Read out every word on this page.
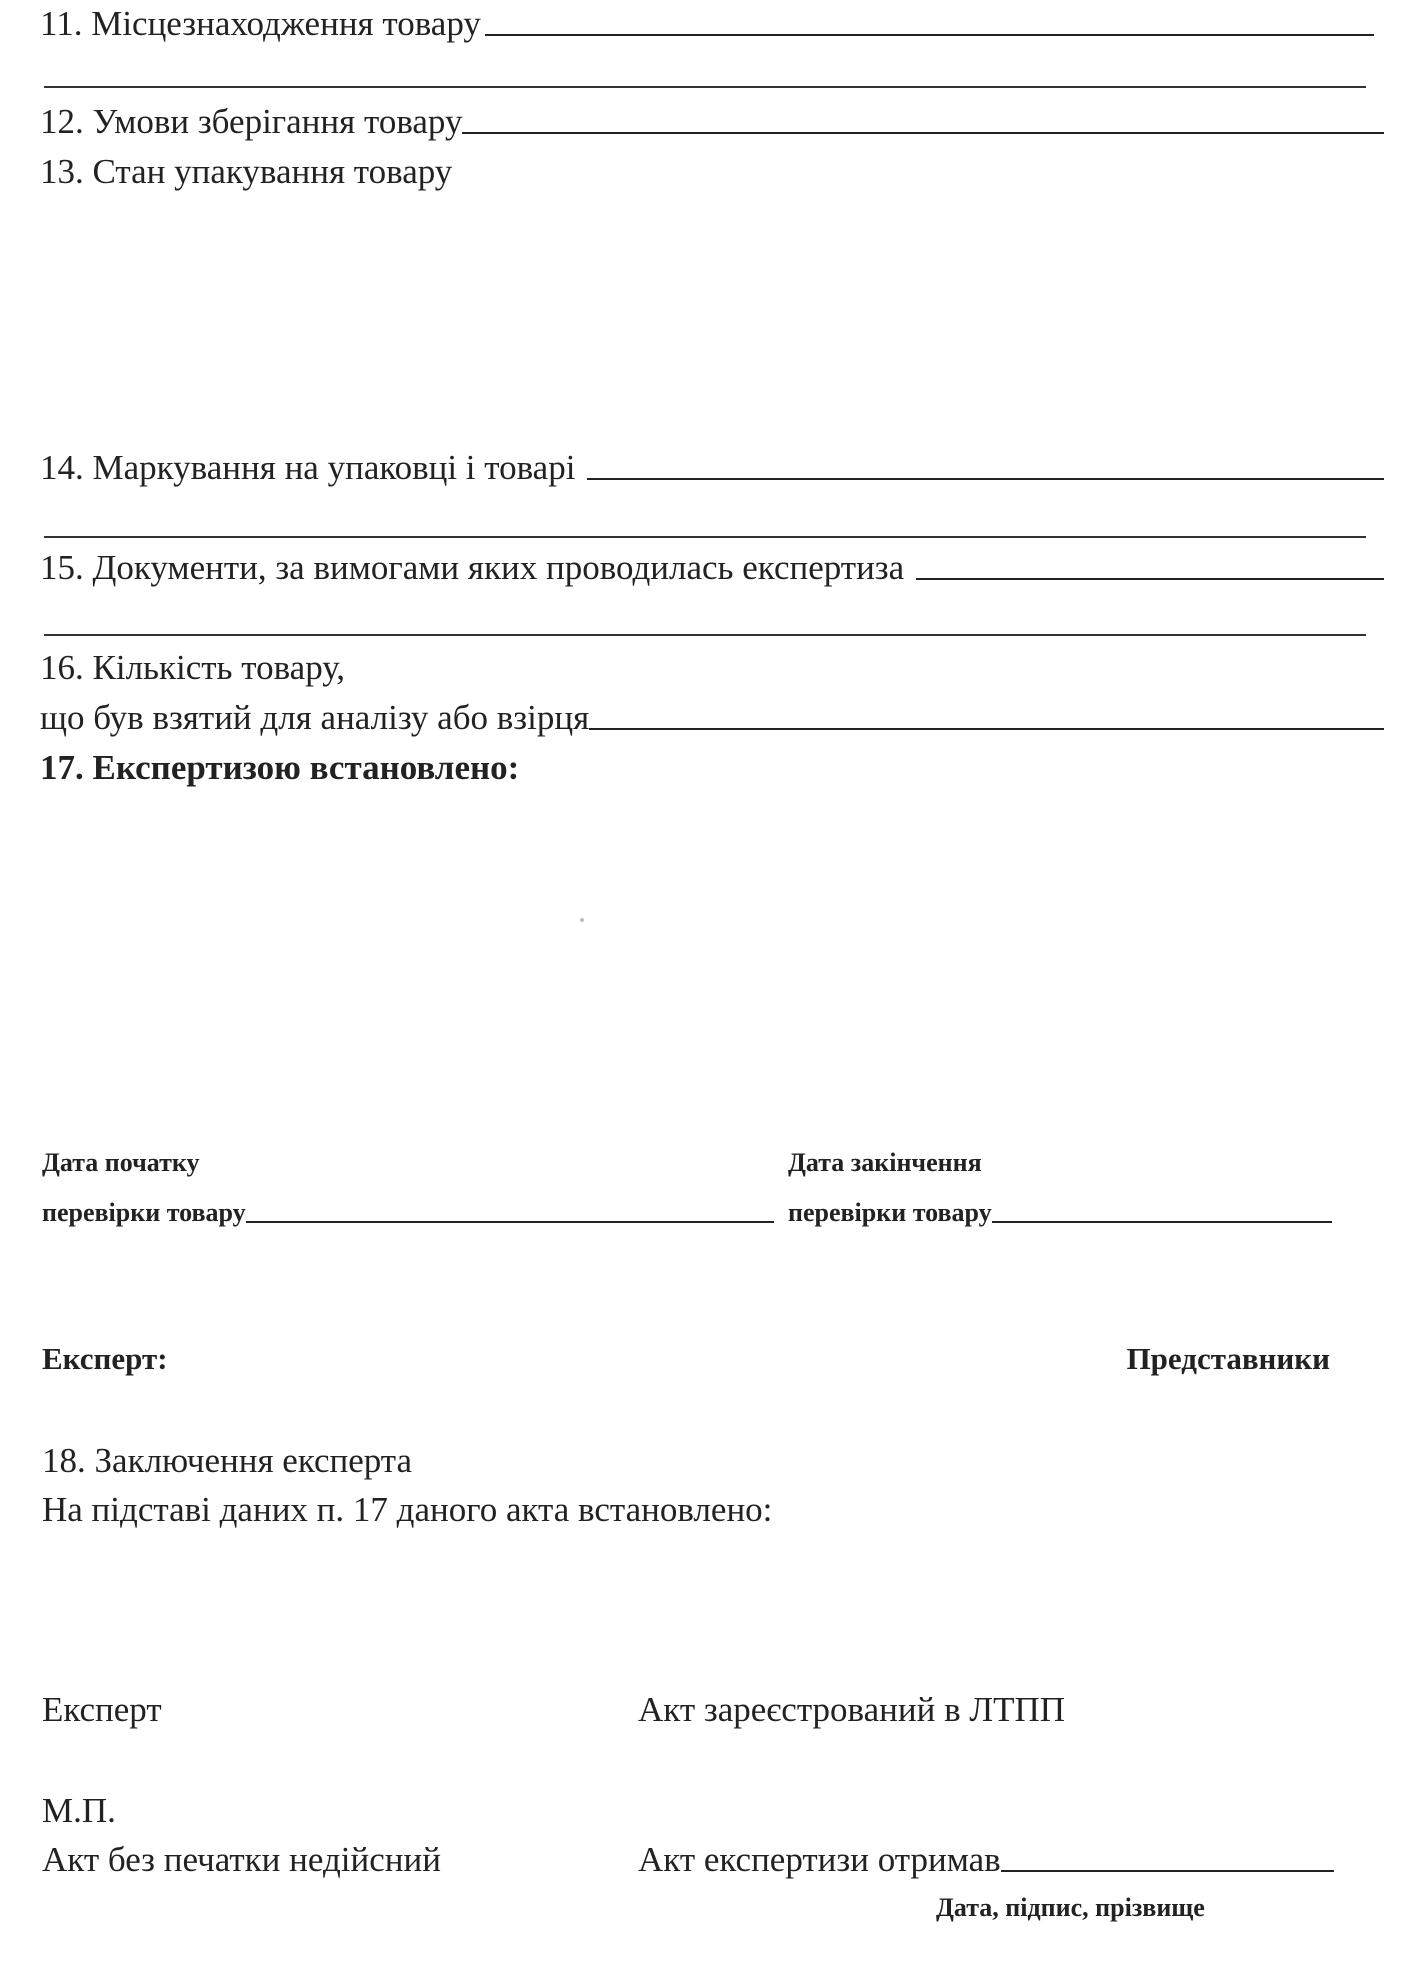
11. Місцезнаходження товару
12. Умови зберігання товару
13. Стан упакування товару
14. Маркування на упаковці і товарі
15. Документи, за вимогами яких проводилась експертиза
16. Кількість товару,
що був взятий для аналізу або взірця
17. Експертизою встановлено:
Дата початку
перевірки товару
Дата закінчення
перевірки товару
Експерт:	Представники
18. Заключення експерта
На підставі даних п. 17 даного акта встановлено:
Експерт	Акт зареєстрований в ЛТПП
М.П.
Акт без печатки недійсний	Акт експертизи отримав
Дата, підпис, прізвище
